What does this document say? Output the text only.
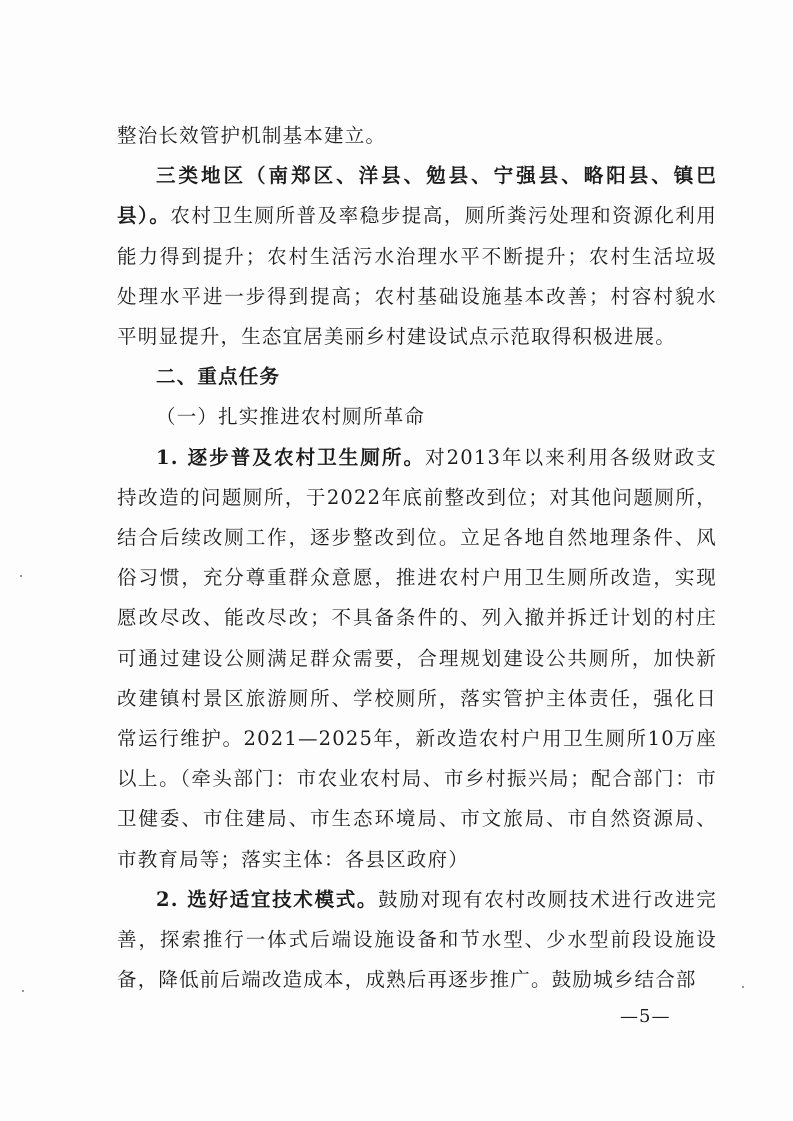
整治长效管护机制基本建立。

三类地区（南郑区、洋县、勉县、宁强县、略阳县、镇巴县）。农村卫生厕所普及率稳步提高，厕所粪污处理和资源化利用能力得到提升；农村生活污水治理水平不断提升；农村生活垃圾处理水平进一步得到提高；农村基础设施基本改善；村容村貌水平明显提升，生态宜居美丽乡村建设试点示范取得积极进展。

二、重点任务

（一）扎实推进农村厕所革命

1. 逐步普及农村卫生厕所。对2013年以来利用各级财政支持改造的问题厕所，于2022年底前整改到位；对其他问题厕所，结合后续改厕工作，逐步整改到位。立足各地自然地理条件、风俗习惯，充分尊重群众意愿，推进农村户用卫生厕所改造，实现愿改尽改、能改尽改；不具备条件的、列入撤并拆迁计划的村庄可通过建设公厕满足群众需要，合理规划建设公共厕所，加快新改建镇村景区旅游厕所、学校厕所，落实管护主体责任，强化日常运行维护。2021—2025年，新改造农村户用卫生厕所10万座以上。（牵头部门：市农业农村局、市乡村振兴局；配合部门：市卫健委、市住建局、市生态环境局、市文旅局、市自然资源局、市教育局等；落实主体：各县区政府）

2. 选好适宜技术模式。鼓励对现有农村改厕技术进行改进完善，探索推行一体式后端设施设备和节水型、少水型前段设施设备，降低前后端改造成本，成熟后再逐步推广。鼓励城乡结合部

—5—
